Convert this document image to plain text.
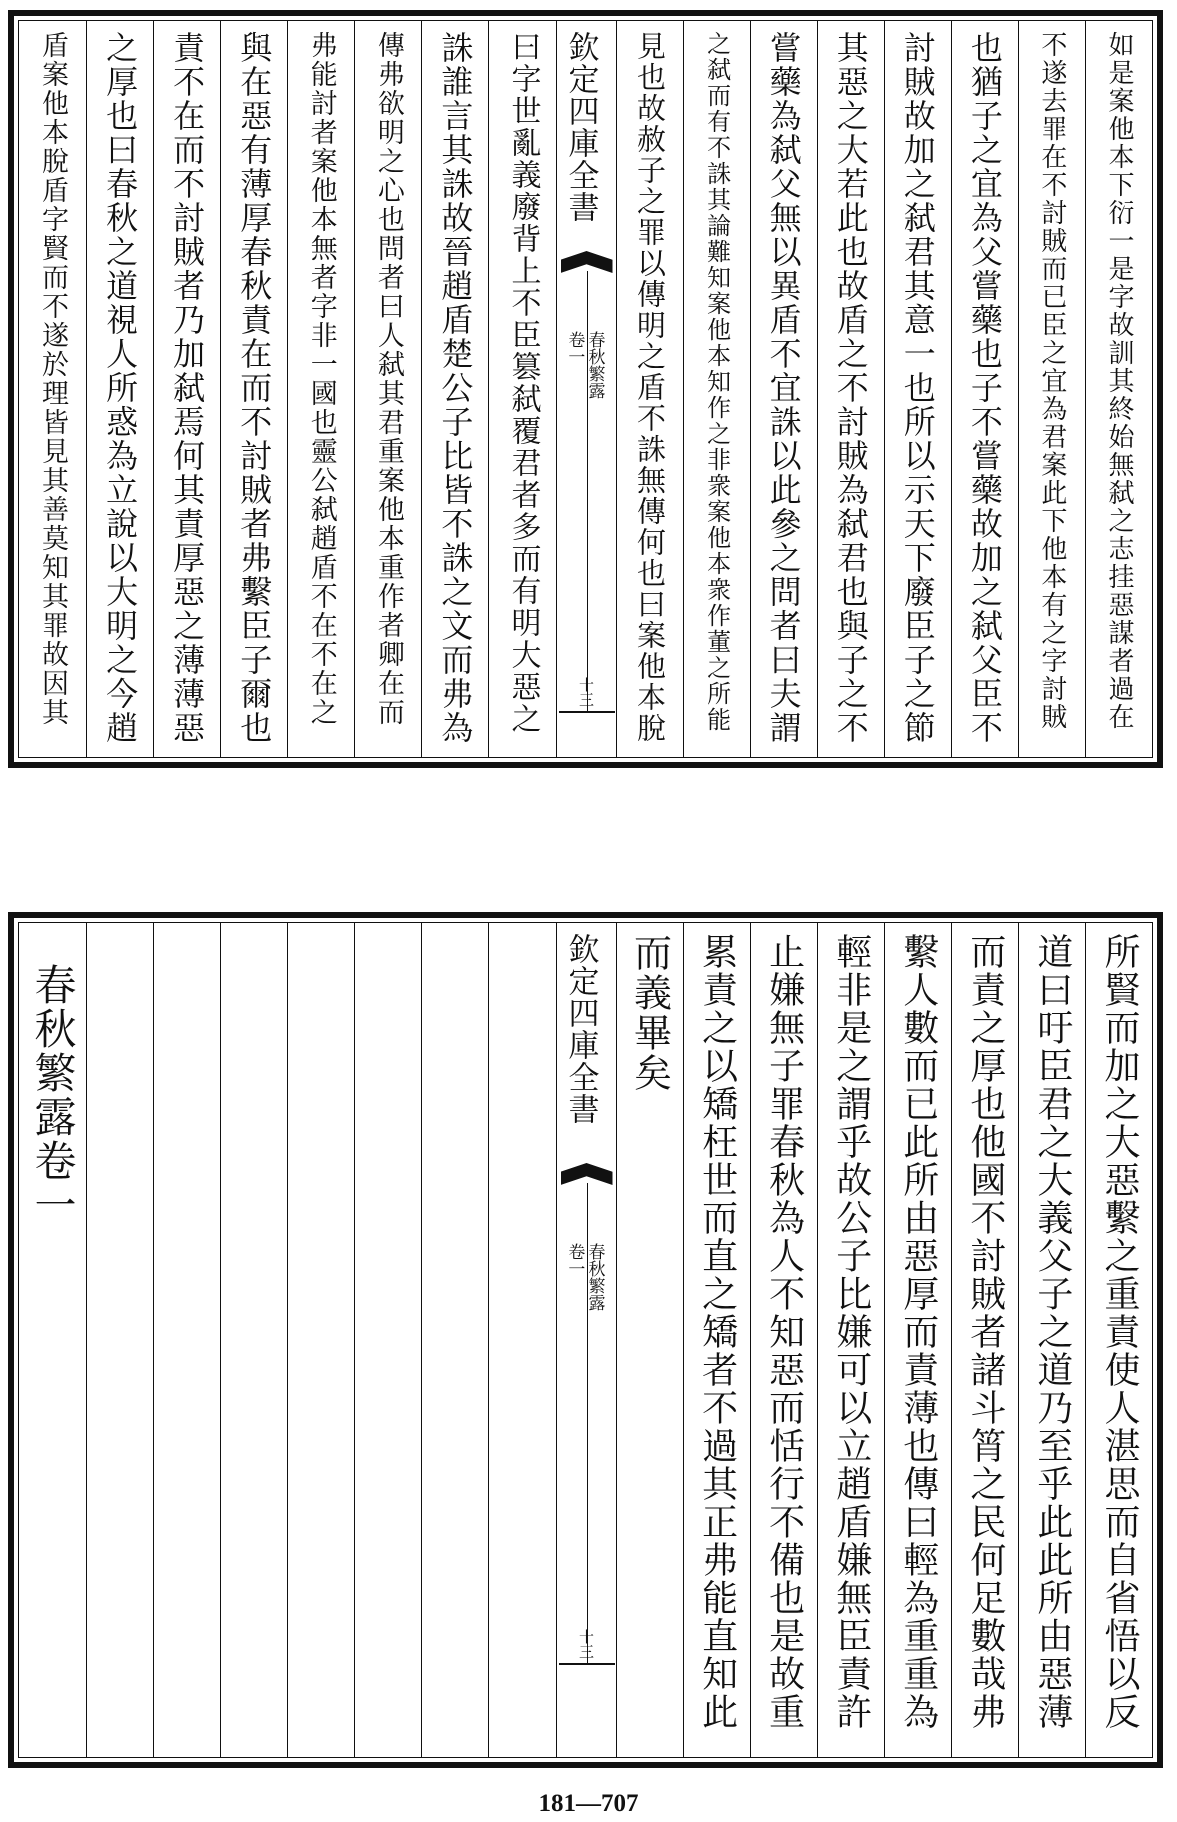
如是案他本下衍一是字故訓其終始無弑之志挂惡謀者過在
不遂去罪在不討賊而已臣之宜為君案此下他本有之字討賊
也猶子之宜為父嘗藥也子不嘗藥故加之弑父臣不
討賊故加之弑君其意一也所以示天下廢臣子之節
其惡之大若此也故盾之不討賊為弑君也與子之不
嘗藥為弑父無以異盾不宜誅以此參之問者曰夫謂
之弑而有不誅其論難知案他本知作之非衆案他本衆作董之所能
見也故赦子之罪以傳明之盾不誅無傳何也曰案他本脫
曰字世亂義廢背上不臣篡弑覆君者多而有明大惡之
誅誰言其誅故晉趙盾楚公子比皆不誅之文而弗為
傳弗欲明之心也問者曰人弑其君重案他本重作者卿在而
弗能討者案他本無者字非一國也靈公弑趙盾不在不在之
與在惡有薄厚春秋責在而不討賊者弗繫臣子爾也
責不在而不討賊者乃加弑焉何其責厚惡之薄薄惡
之厚也曰春秋之道視人所惑為立說以大明之今趙
盾案他本脫盾字賢而不遂於理皆見其善莫知其罪故因其	欽定四庫全書
春秋繁露
卷一
十三
所賢而加之大惡繫之重責使人湛思而自省悟以反
道曰吁臣君之大義父子之道乃至乎此此所由惡薄
而責之厚也他國不討賊者諸斗筲之民何足數哉弗
繫人數而已此所由惡厚而責薄也傳曰輕為重重為
輕非是之謂乎故公子比嫌可以立趙盾嫌無臣責許
止嫌無子罪春秋為人不知惡而恬行不備也是故重
累責之以矯枉世而直之矯者不過其正弗能直知此
而義畢矣
春秋繁露卷一	欽定四庫全書
春秋繁露
卷一
十三
181—707
